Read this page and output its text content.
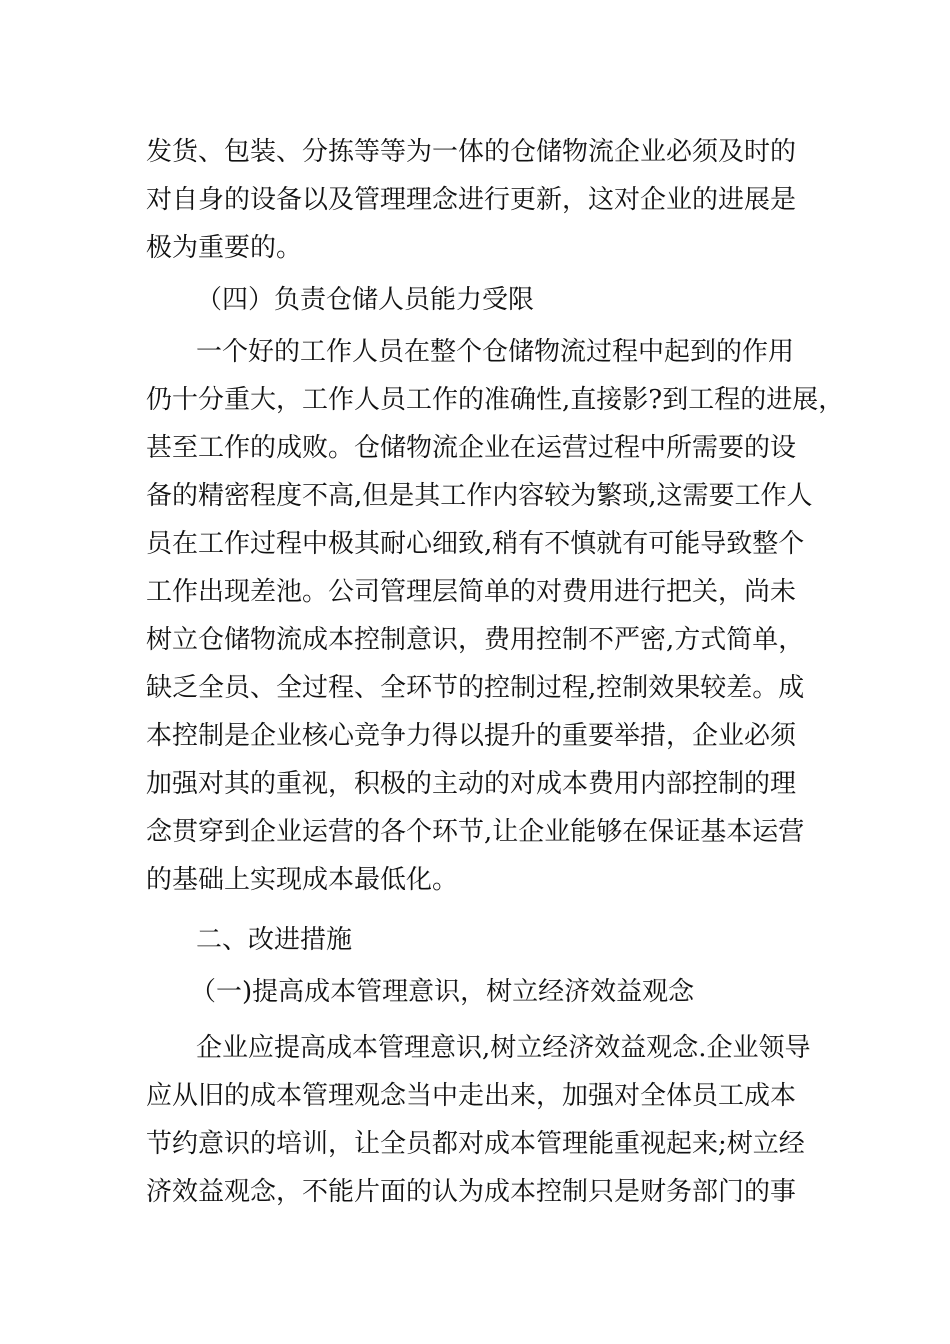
发货、包装、分拣等等为一体的仓储物流企业必须及时的
对自身的设备以及管理理念进行更新，这对企业的进展是
极为重要的。
（四）负责仓储人员能力受限
一个好的工作人员在整个仓储物流过程中起到的作用
仍十分重大，工作人员工作的准确性,直接影?到工程的进展，
甚至工作的成败。仓储物流企业在运营过程中所需要的设
备的精密程度不高,但是其工作内容较为繁琐,这需要工作人
员在工作过程中极其耐心细致,稍有不慎就有可能导致整个
工作出现差池。公司管理层简单的对费用进行把关，尚未
树立仓储物流成本控制意识，费用控制不严密,方式简单，
缺乏全员、全过程、全环节的控制过程,控制效果较差。成
本控制是企业核心竞争力得以提升的重要举措，企业必须
加强对其的重视，积极的主动的对成本费用内部控制的理
念贯穿到企业运营的各个环节,让企业能够在保证基本运营
的基础上实现成本最低化。
二、改进措施
（一)提高成本管理意识，树立经济效益观念
企业应提高成本管理意识,树立经济效益观念.企业领导
应从旧的成本管理观念当中走出来，加强对全体员工成本
节约意识的培训，让全员都对成本管理能重视起来;树立经
济效益观念，不能片面的认为成本控制只是财务部门的事
